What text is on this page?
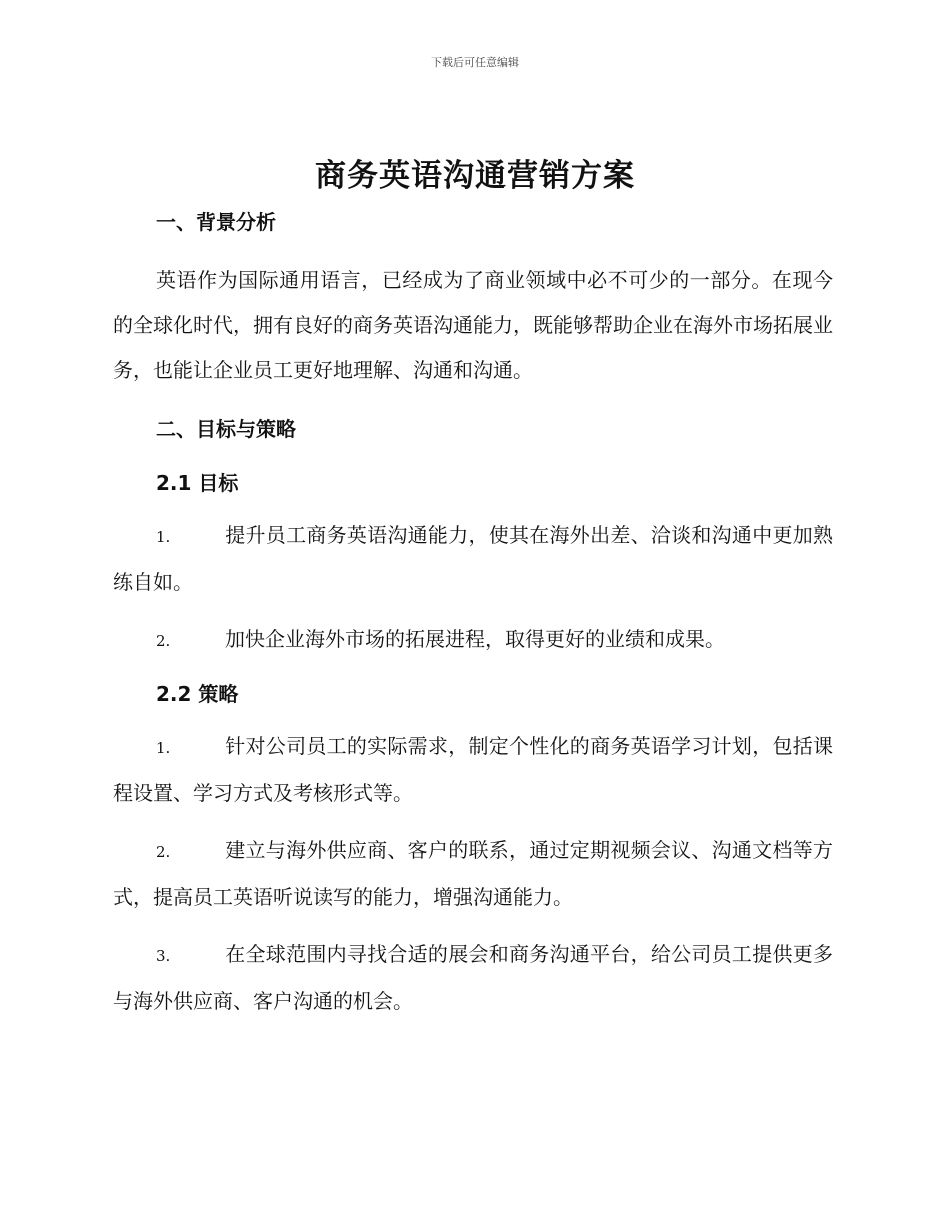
下载后可任意编辑
商务英语沟通营销方案

一、背景分析

英语作为国际通用语言，已经成为了商业领域中必不可少的一部分。在现今的全球化时代，拥有良好的商务英语沟通能力，既能够帮助企业在海外市场拓展业务，也能让企业员工更好地理解、沟通和沟通。

二、目标与策略

2.1 目标

1.	提升员工商务英语沟通能力，使其在海外出差、洽谈和沟通中更加熟练自如。

2.	加快企业海外市场的拓展进程，取得更好的业绩和成果。

2.2 策略

1.	针对公司员工的实际需求，制定个性化的商务英语学习计划，包括课程设置、学习方式及考核形式等。

2.	建立与海外供应商、客户的联系，通过定期视频会议、沟通文档等方式，提高员工英语听说读写的能力，增强沟通能力。

3.	在全球范围内寻找合适的展会和商务沟通平台，给公司员工提供更多与海外供应商、客户沟通的机会。
